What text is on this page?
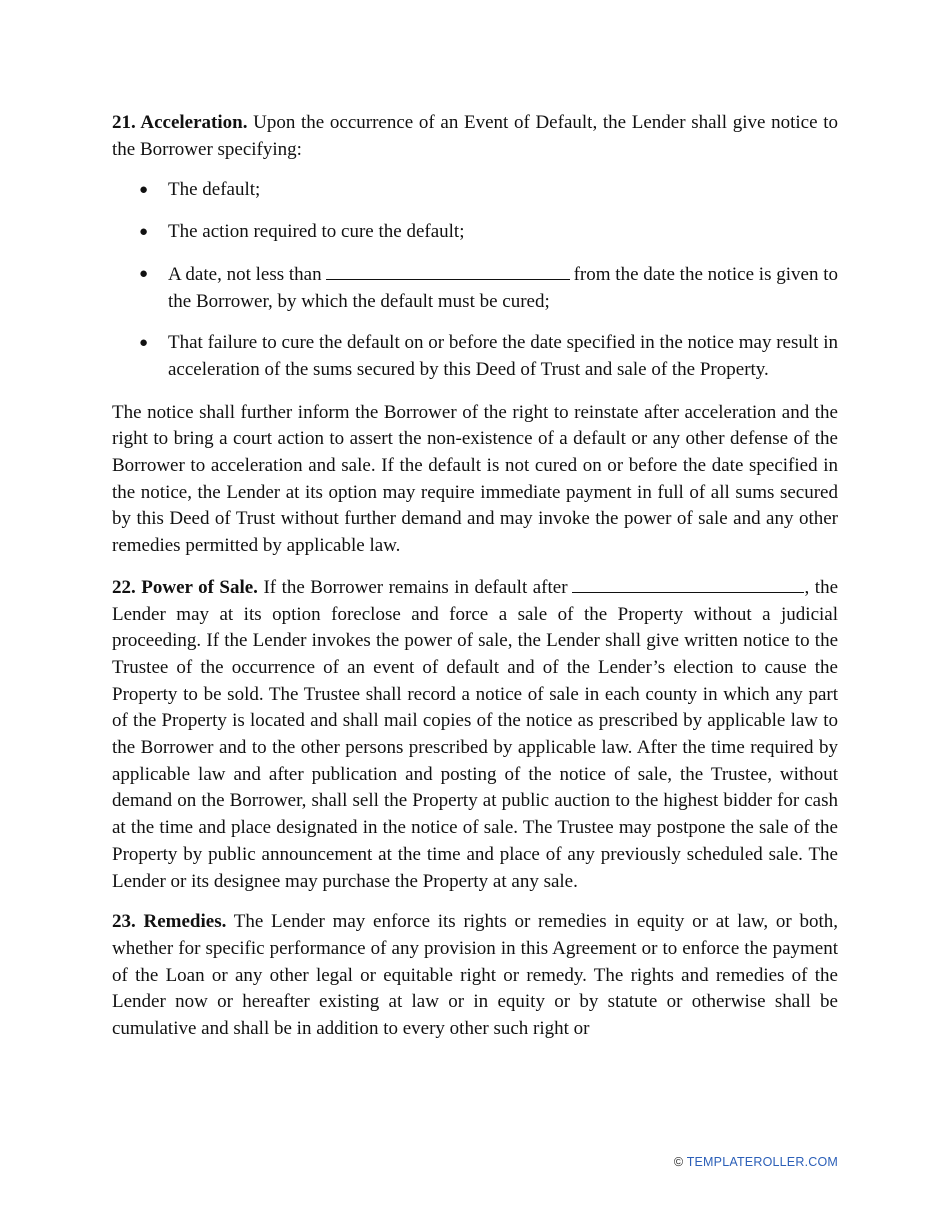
21. Acceleration. Upon the occurrence of an Event of Default, the Lender shall give notice to the Borrower specifying:

● The default;
● The action required to cure the default;
● A date, not less than	from the date the notice is given to the Borrower, by which the default must be cured;
● That failure to cure the default on or before the date specified in the notice may result in acceleration of the sums secured by this Deed of Trust and sale of the Property.

The notice shall further inform the Borrower of the right to reinstate after acceleration and the right to bring a court action to assert the non-existence of a default or any other defense of the Borrower to acceleration and sale. If the default is not cured on or before the date specified in the notice, the Lender at its option may require immediate payment in full of all sums secured by this Deed of Trust without further demand and may invoke the power of sale and any other remedies permitted by applicable law.

22. Power of Sale. If the Borrower remains in default after	, the Lender may at its option foreclose and force a sale of the Property without a judicial proceeding. If the Lender invokes the power of sale, the Lender shall give written notice to the Trustee of the occurrence of an event of default and of the Lender’s election to cause the Property to be sold. The Trustee shall record a notice of sale in each county in which any part of the Property is located and shall mail copies of the notice as prescribed by applicable law to the Borrower and to the other persons prescribed by applicable law. After the time required by applicable law and after publication and posting of the notice of sale, the Trustee, without demand on the Borrower, shall sell the Property at public auction to the highest bidder for cash at the time and place designated in the notice of sale. The Trustee may postpone the sale of the Property by public announcement at the time and place of any previously scheduled sale. The Lender or its designee may purchase the Property at any sale.

23. Remedies. The Lender may enforce its rights or remedies in equity or at law, or both, whether for specific performance of any provision in this Agreement or to enforce the payment of the Loan or any other legal or equitable right or remedy. The rights and remedies of the Lender now or hereafter existing at law or in equity or by statute or otherwise shall be cumulative and shall be in addition to every other such right or

© TEMPLATEROLLER.COM
